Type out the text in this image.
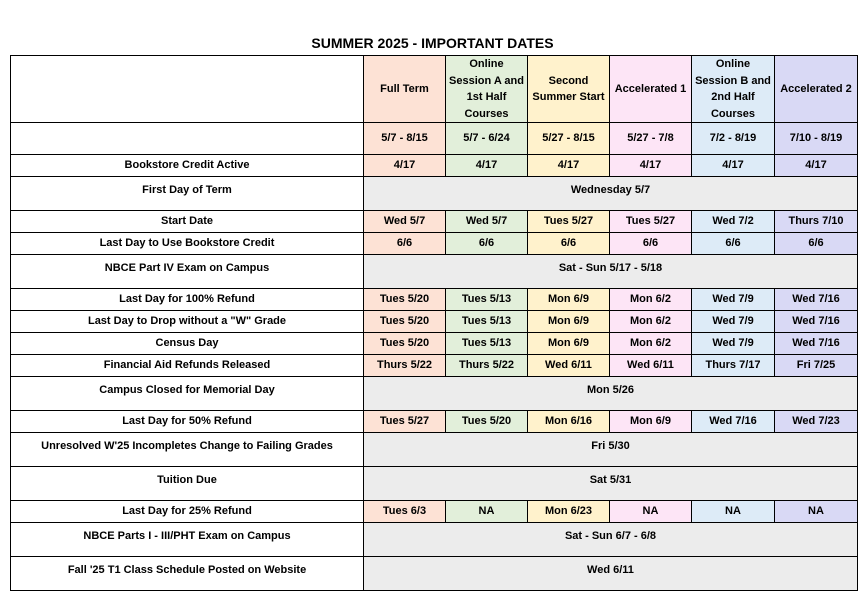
SUMMER 2025 - IMPORTANT DATES
	Full Term	Online Session A and 1st Half Courses	Second Summer Start	Accelerated 1	Online Session B and 2nd Half Courses	Accelerated 2
	5/7 - 8/15	5/7 - 6/24	5/27 - 8/15	5/27 - 7/8	7/2 - 8/19	7/10 - 8/19
Bookstore Credit Active	4/17	4/17	4/17	4/17	4/17	4/17
First Day of Term	Wednesday 5/7					
Start Date	Wed 5/7	Wed 5/7	Tues 5/27	Tues 5/27	Wed 7/2	Thurs 7/10
Last Day to Use Bookstore Credit	6/6	6/6	6/6	6/6	6/6	6/6
NBCE Part IV Exam on Campus	Sat - Sun 5/17 - 5/18					
Last Day for 100% Refund	Tues 5/20	Tues 5/13	Mon 6/9	Mon 6/2	Wed 7/9	Wed 7/16
Last Day to Drop without a "W" Grade	Tues 5/20	Tues 5/13	Mon 6/9	Mon 6/2	Wed 7/9	Wed 7/16
Census Day	Tues 5/20	Tues 5/13	Mon 6/9	Mon 6/2	Wed 7/9	Wed 7/16
Financial Aid Refunds Released	Thurs 5/22	Thurs 5/22	Wed 6/11	Wed 6/11	Thurs 7/17	Fri 7/25
Campus Closed for Memorial Day	Mon 5/26					
Last Day for 50% Refund	Tues 5/27	Tues 5/20	Mon 6/16	Mon 6/9	Wed 7/16	Wed 7/23
Unresolved W'25 Incompletes Change to Failing Grades	Fri 5/30					
Tuition Due	Sat 5/31					
Last Day for 25% Refund	Tues 6/3	NA	Mon 6/23	NA	NA	NA
NBCE Parts I - III/PHT Exam on Campus	Sat - Sun 6/7 - 6/8					
Fall '25 T1 Class Schedule Posted on Website	Wed 6/11					
